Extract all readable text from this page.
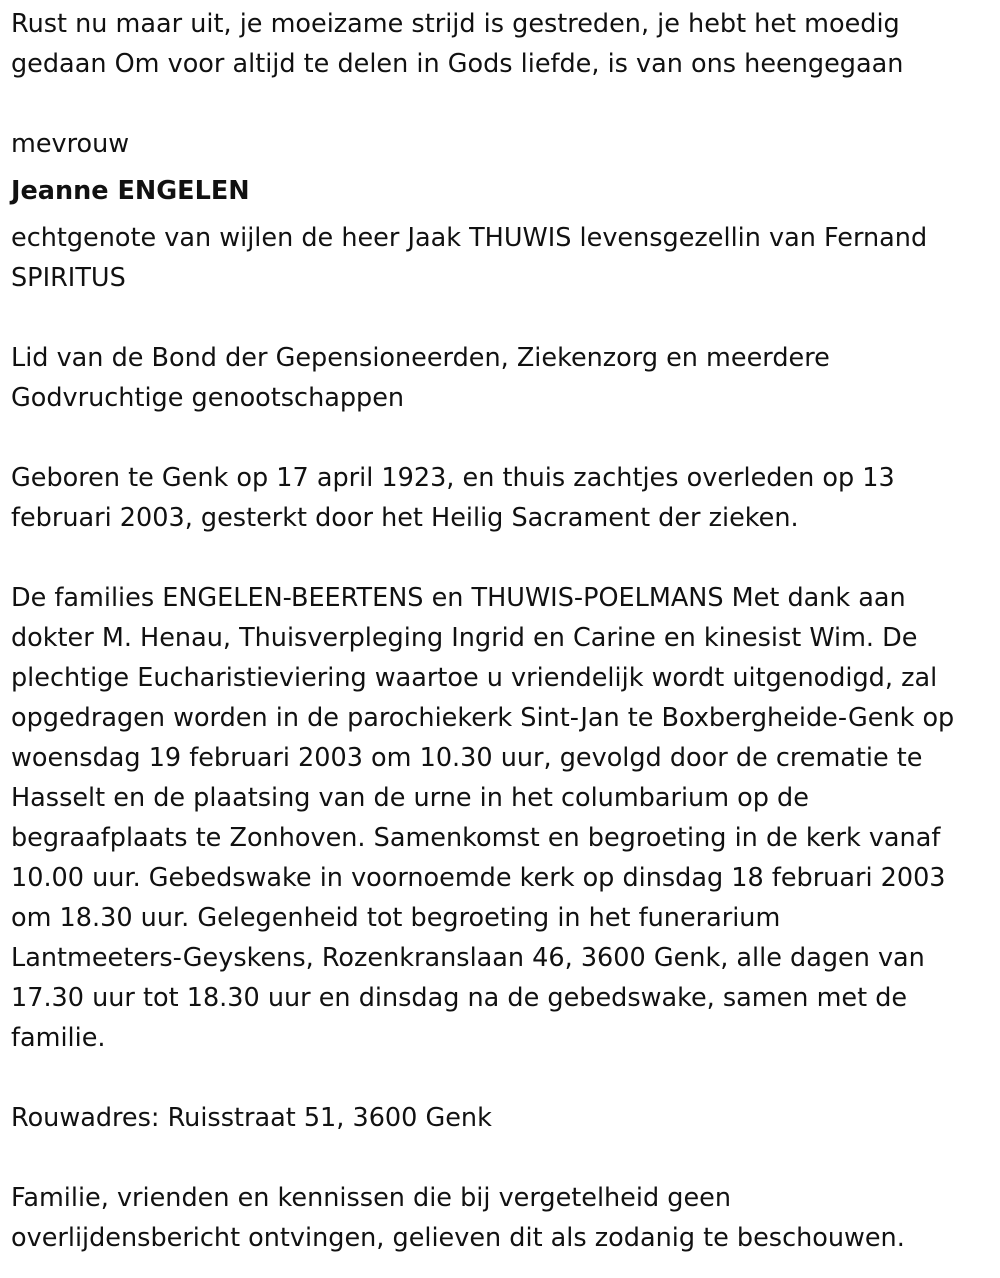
Rust nu maar uit, je moeizame strijd is gestreden, je hebt het moedig
gedaan Om voor altijd te delen in Gods liefde, is van ons heengegaan

mevrouw

Jeanne ENGELEN

echtgenote van wijlen de heer Jaak THUWIS levensgezellin van Fernand
SPIRITUS

Lid van de Bond der Gepensioneerden, Ziekenzorg en meerdere
Godvruchtige genootschappen

Geboren te Genk op 17 april 1923, en thuis zachtjes overleden op 13
februari 2003, gesterkt door het Heilig Sacrament der zieken.

De families ENGELEN-BEERTENS en THUWIS-POELMANS Met dank aan
dokter M. Henau, Thuisverpleging Ingrid en Carine en kinesist Wim. De
plechtige Eucharistieviering waartoe u vriendelijk wordt uitgenodigd, zal
opgedragen worden in de parochiekerk Sint-Jan te Boxbergheide-Genk op
woensdag 19 februari 2003 om 10.30 uur, gevolgd door de crematie te
Hasselt en de plaatsing van de urne in het columbarium op de
begraafplaats te Zonhoven. Samenkomst en begroeting in de kerk vanaf
10.00 uur. Gebedswake in voornoemde kerk op dinsdag 18 februari 2003
om 18.30 uur. Gelegenheid tot begroeting in het funerarium
Lantmeeters-Geyskens, Rozenkranslaan 46, 3600 Genk, alle dagen van
17.30 uur tot 18.30 uur en dinsdag na de gebedswake, samen met de
familie.

Rouwadres: Ruisstraat 51, 3600 Genk

Familie, vrienden en kennissen die bij vergetelheid geen
overlijdensbericht ontvingen, gelieven dit als zodanig te beschouwen.
